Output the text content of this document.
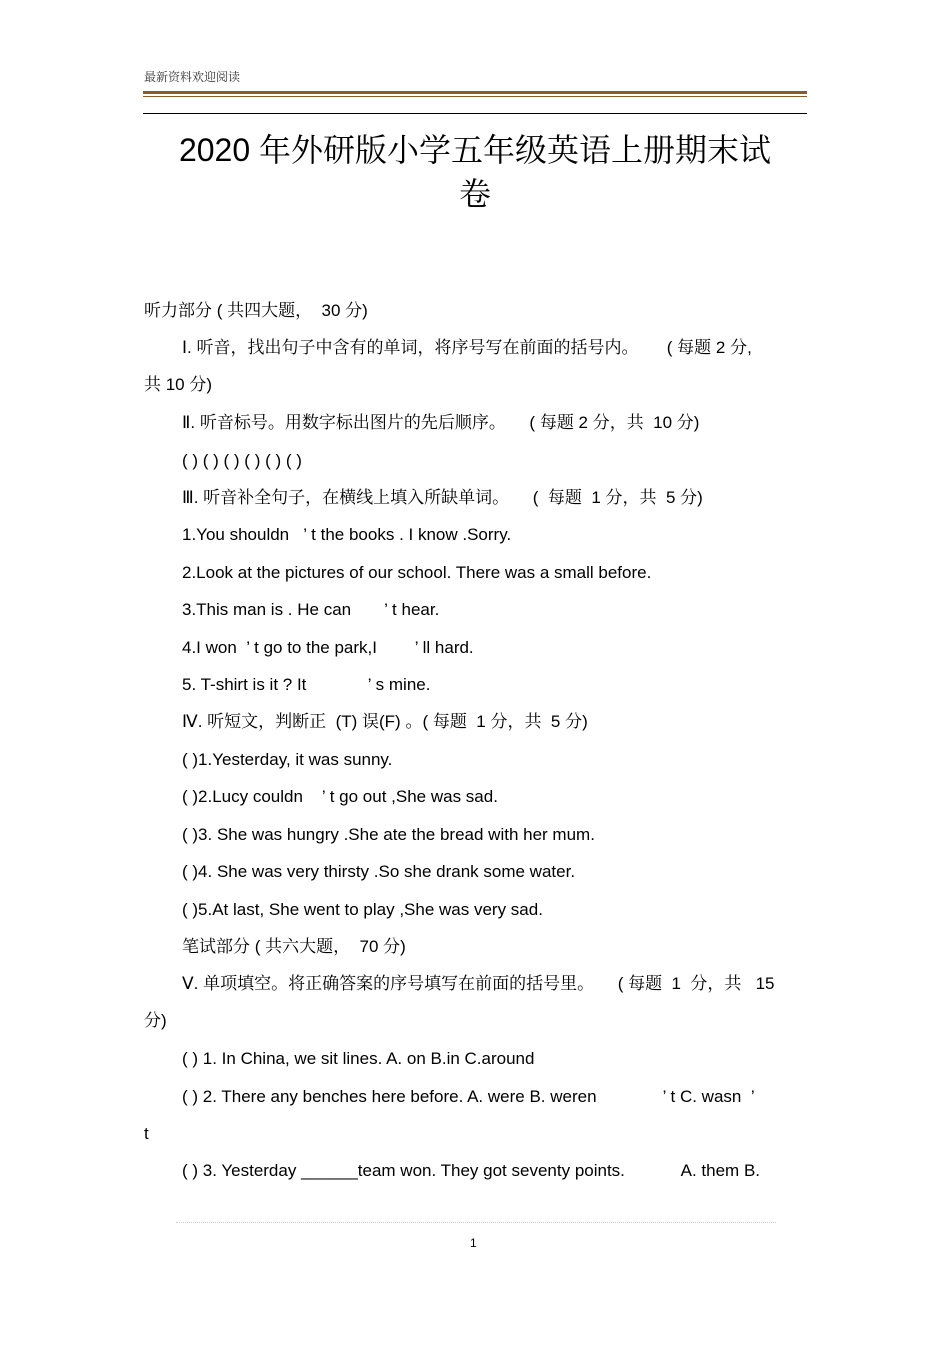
最新资料欢迎阅读
2020 年外研版小学五年级英语上册期末试
卷
听力部分 ( 共四大题，  30 分)
Ⅰ. 听音，找出句子中含有的单词，将序号写在前面的括号内。      ( 每题 2 分,
共 10 分)
Ⅱ. 听音标号。用数字标出图片的先后顺序。     ( 每题 2 分，共  10 分)
( ) ( ) ( ) ( ) ( ) ( )
Ⅲ. 听音补全句子，在横线上填入所缺单词。     (  每题  1 分，共  5 分)
1.You shouldn   ’ t the books . I know .Sorry.
2.Look at the pictures of our school. There was a small before.
3.This man is . He can       ’ t hear.
4.I won  ’ t go to the park,I        ’ ll hard.
5. T-shirt is it ? It             ’ s mine.
Ⅳ. 听短文，判断正  (T) 误(F) 。( 每题  1 分，共  5 分)
( )1.Yesterday, it was sunny.
( )2.Lucy couldn    ’ t go out ,She was sad.
( )3. She was hungry .She ate the bread with her mum.
( )4. She was very thirsty .So she drank some water.
( )5.At last, She went to play ,She was very sad.
笔试部分 ( 共六大题，  70 分)
Ⅴ. 单项填空。将正确答案的序号填写在前面的括号里。     ( 每题  1  分，共   15
分)
( ) 1. In China, we sit lines. A. on B.in C.around
( ) 2. There any benches here before. A. were B. weren              ’ t C. wasn  ’
t
( ) 3. Yesterday ______team won. They got seventy points.            A. them B.
1
